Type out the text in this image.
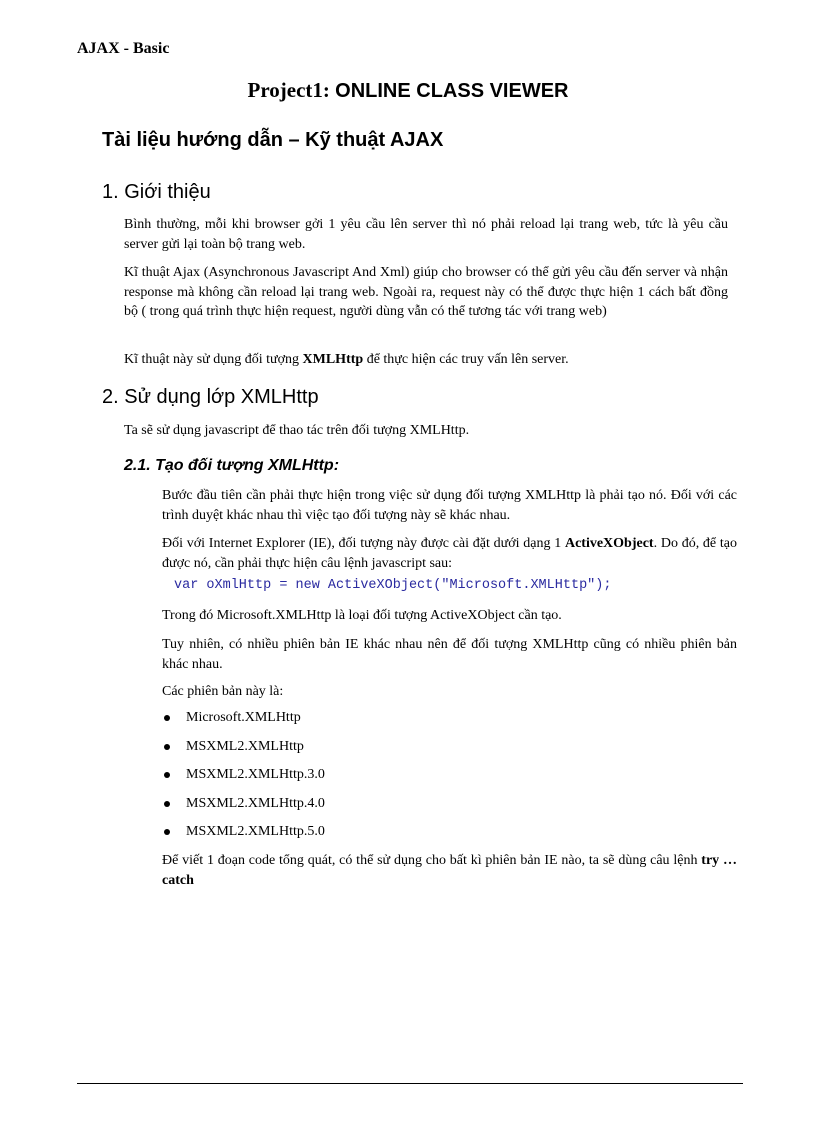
AJAX - Basic
Project1: ONLINE CLASS VIEWER
Tài liệu hướng dẫn – Kỹ thuật AJAX
1. Giới thiệu
Bình thường, mỗi khi browser gởi 1 yêu cầu lên server thì nó phải reload lại trang web, tức là yêu cầu server gửi lại toàn bộ trang web.
Kĩ thuật Ajax (Asynchronous Javascript And Xml) giúp cho browser có thể gửi yêu cầu đến server và nhận response mà không cần reload lại trang web. Ngoài ra, request này có thể được thực hiện 1 cách bất đồng bộ ( trong quá trình thực hiện request, người dùng vẫn có thể tương tác với trang web)
Kĩ thuật này sử dụng đối tượng XMLHttp để thực hiện các truy vấn lên server.
2. Sử dụng lớp XMLHttp
Ta sẽ sử dụng javascript để thao tác trên đối tượng XMLHttp.
2.1. Tạo đối tượng XMLHttp:
Bước đầu tiên cần phải thực hiện trong việc sử dụng đối tượng XMLHttp là phải tạo nó. Đối với các trình duyệt khác nhau thì việc tạo đối tượng này sẽ khác nhau.
Đối với Internet Explorer (IE), đối tượng này được cài đặt dưới dạng 1 ActiveXObject. Do đó, để tạo được nó, cần phải thực hiện câu lệnh javascript sau:
var oXmlHttp = new ActiveXObject("Microsoft.XMLHttp");
Trong đó Microsoft.XMLHttp là loại đối tượng ActiveXObject cần tạo.
Tuy nhiên, có nhiều phiên bản IE khác nhau nên để đối tượng XMLHttp cũng có nhiều phiên bản khác nhau.
Các phiên bản này là:
Microsoft.XMLHttp
MSXML2.XMLHttp
MSXML2.XMLHttp.3.0
MSXML2.XMLHttp.4.0
MSXML2.XMLHttp.5.0
Để viết 1 đoạn code tổng quát, có thể sử dụng cho bất kì phiên bản IE nào, ta sẽ dùng câu lệnh try … catch
